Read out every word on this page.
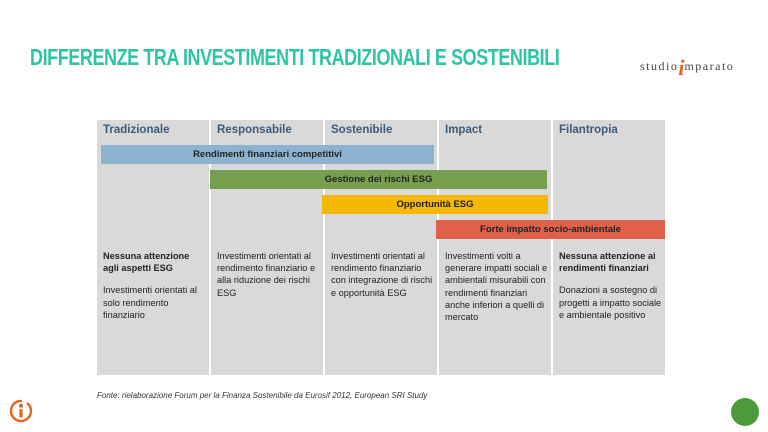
DIFFERENZE TRA INVESTIMENTI TRADIZIONALI E SOSTENIBILI	studioimparato
Tradizionale
Nessuna attenzione agli aspetti ESG
Investimenti orientati al solo rendimento finanziario
Responsabile
Investimenti orientati al rendimento finanziario e alla riduzione dei rischi ESG
Sostenibile
Investimenti orientati al rendimento finanziario con integrazione di rischi e opportunità ESG
Impact
Investimenti volti a generare impatti sociali e ambientali misurabili con rendimenti finanziari anche inferiori a quelli di mercato
Filantropia
Nessuna attenzione ai rendimenti finanziari
Donazioni a sostegno di progetti a impatto sociale e ambientale positivo
Rendimenti finanziari competitivi
Gestione dei rischi ESG
Opportunità ESG
Forte impatto socio-ambientale
Fonte: rielaborazione Forum per la Finanza Sostenibile da Eurosif 2012, European SRI Study
